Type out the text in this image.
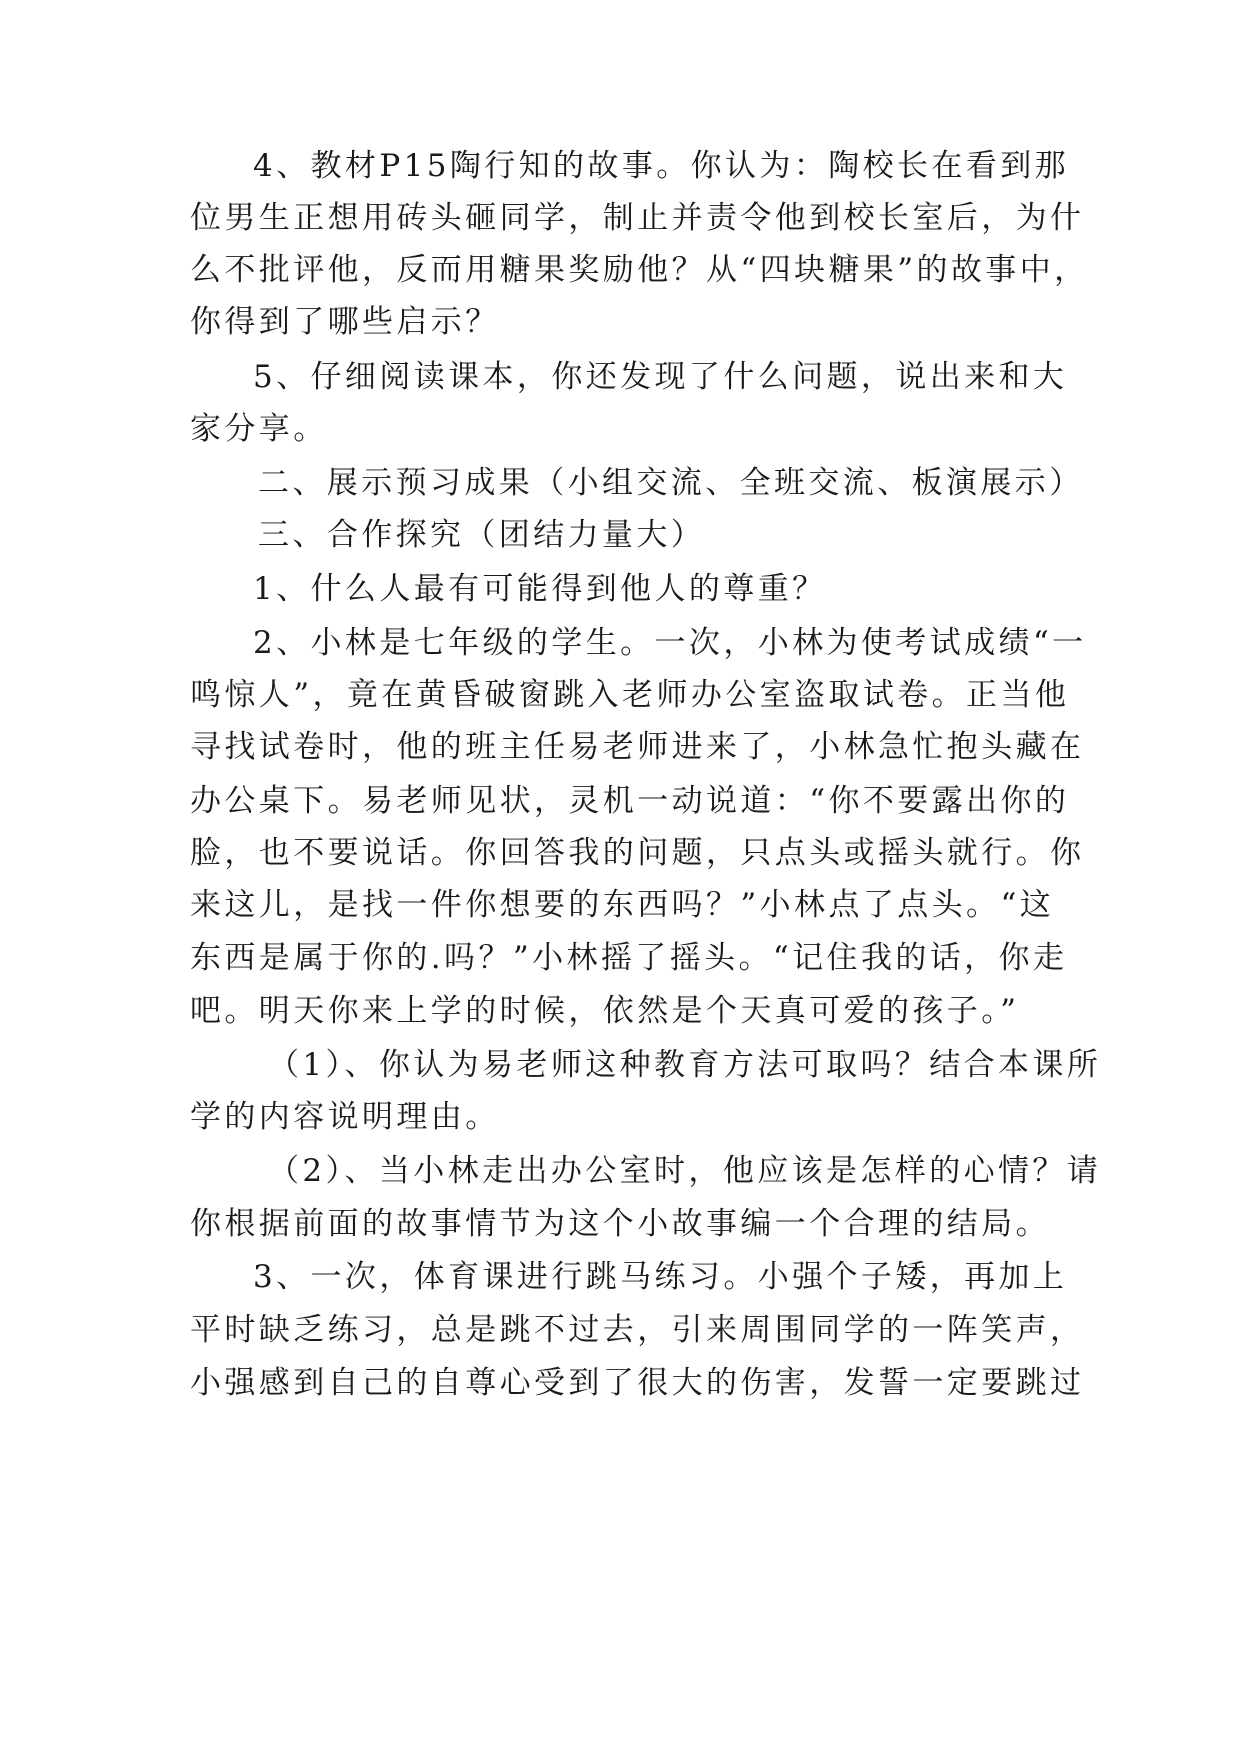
4、教材P15陶行知的故事。你认为：陶校长在看到那
位男生正想用砖头砸同学，制止并责令他到校长室后，为什
么不批评他，反而用糖果奖励他？从“四块糖果”的故事中，
你得到了哪些启示？
5、仔细阅读课本，你还发现了什么问题，说出来和大
家分享。
二、展示预习成果（小组交流、全班交流、板演展示）
三、合作探究（团结力量大）
1、什么人最有可能得到他人的尊重？
2、小林是七年级的学生。一次，小林为使考试成绩“一
鸣惊人”，竟在黄昏破窗跳入老师办公室盗取试卷。正当他
寻找试卷时，他的班主任易老师进来了，小林急忙抱头藏在
办公桌下。易老师见状，灵机一动说道：“你不要露出你的
脸，也不要说话。你回答我的问题，只点头或摇头就行。你
来这儿，是找一件你想要的东西吗？”小林点了点头。“这
东西是属于你的.吗？”小林摇了摇头。“记住我的话，你走
吧。明天你来上学的时候，依然是个天真可爱的孩子。”
（1）、你认为易老师这种教育方法可取吗？结合本课所
学的内容说明理由。
（2）、当小林走出办公室时，他应该是怎样的心情？请
你根据前面的故事情节为这个小故事编一个合理的结局。
3、一次，体育课进行跳马练习。小强个子矮，再加上
平时缺乏练习，总是跳不过去，引来周围同学的一阵笑声，
小强感到自己的自尊心受到了很大的伤害，发誓一定要跳过
